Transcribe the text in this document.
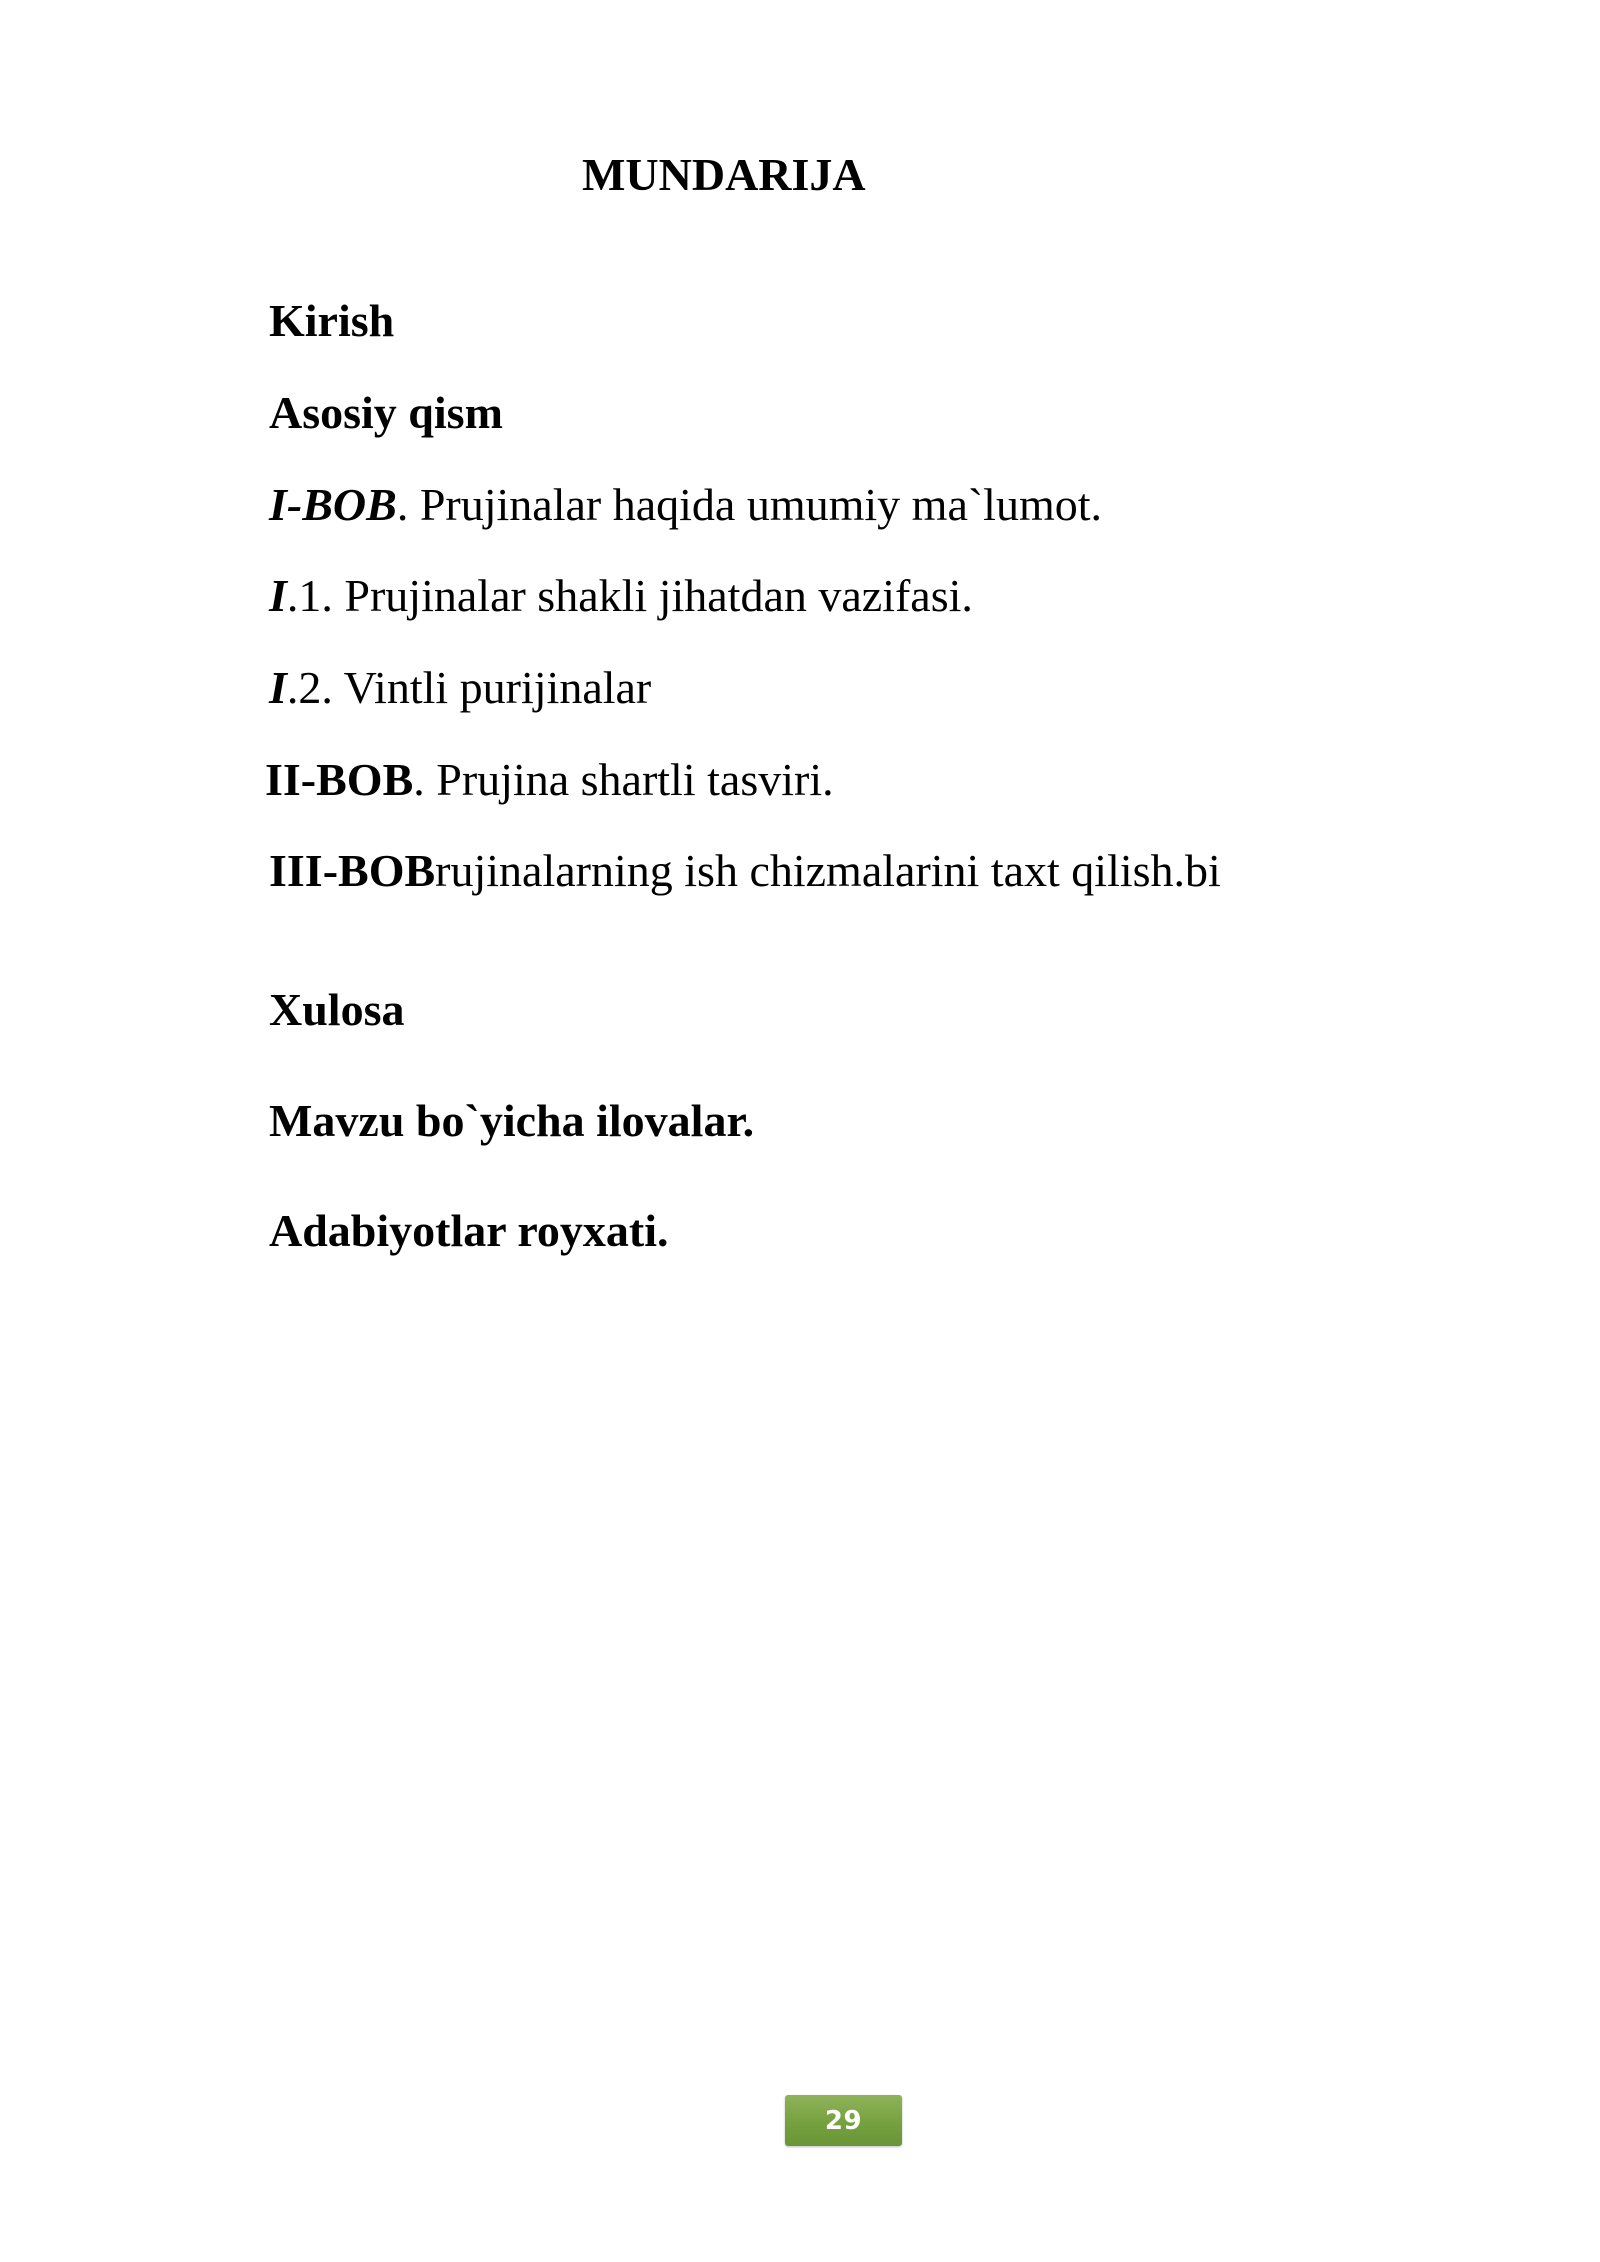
MUNDARIJA
Kirish
Asosiy qism
I-BOB. Prujinalar haqida umumiy ma`lumot.
I.1. Prujinalar shakli jihatdan vazifasi.
I.2. Vintli purijinalar
II-BOB. Prujina shartli tasviri.
III-BOBrujinalarning ish chizmalarini taxt qilish.bi
Xulosa
Mavzu bo`yicha ilovalar.
Adabiyotlar royxati.
29
